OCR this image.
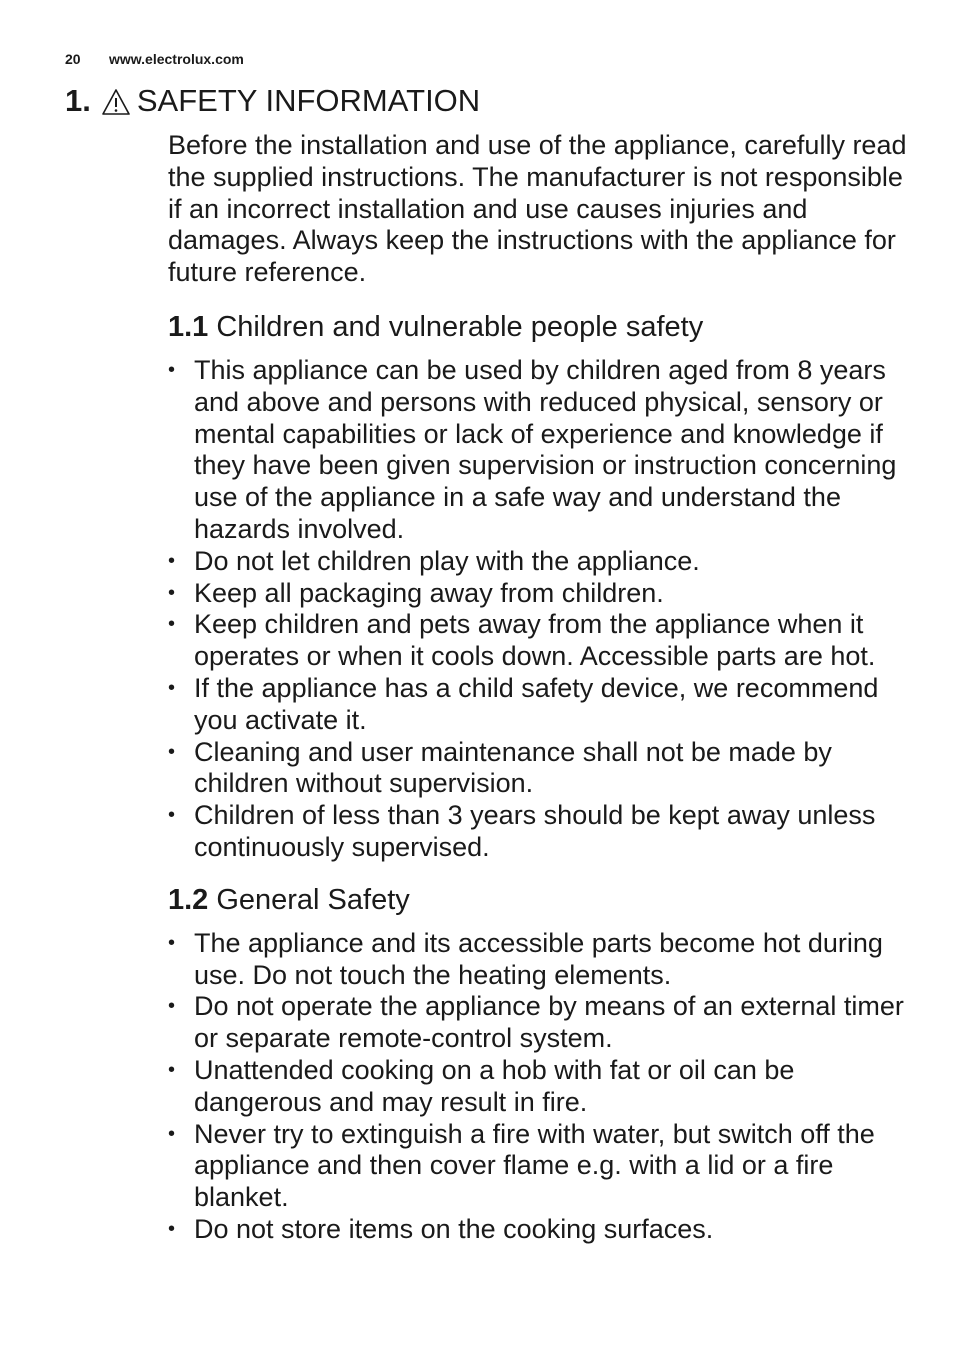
20 www.electrolux.com
1. SAFETY INFORMATION

Before the installation and use of the appliance, carefully read the supplied instructions. The manufacturer is not responsible if an incorrect installation and use causes injuries and damages. Always keep the instructions with the appliance for future reference.

1.1 Children and vulnerable people safety
• This appliance can be used by children aged from 8 years and above and persons with reduced physical, sensory or mental capabilities or lack of experience and knowledge if they have been given supervision or instruction concerning use of the appliance in a safe way and understand the hazards involved.
• Do not let children play with the appliance.
• Keep all packaging away from children.
• Keep children and pets away from the appliance when it operates or when it cools down. Accessible parts are hot.
• If the appliance has a child safety device, we recommend you activate it.
• Cleaning and user maintenance shall not be made by children without supervision.
• Children of less than 3 years should be kept away unless continuously supervised.
1.2 General Safety
• The appliance and its accessible parts become hot during use. Do not touch the heating elements.
• Do not operate the appliance by means of an external timer or separate remote-control system.
• Unattended cooking on a hob with fat or oil can be dangerous and may result in fire.
• Never try to extinguish a fire with water, but switch off the appliance and then cover flame e.g. with a lid or a fire blanket.
• Do not store items on the cooking surfaces.
